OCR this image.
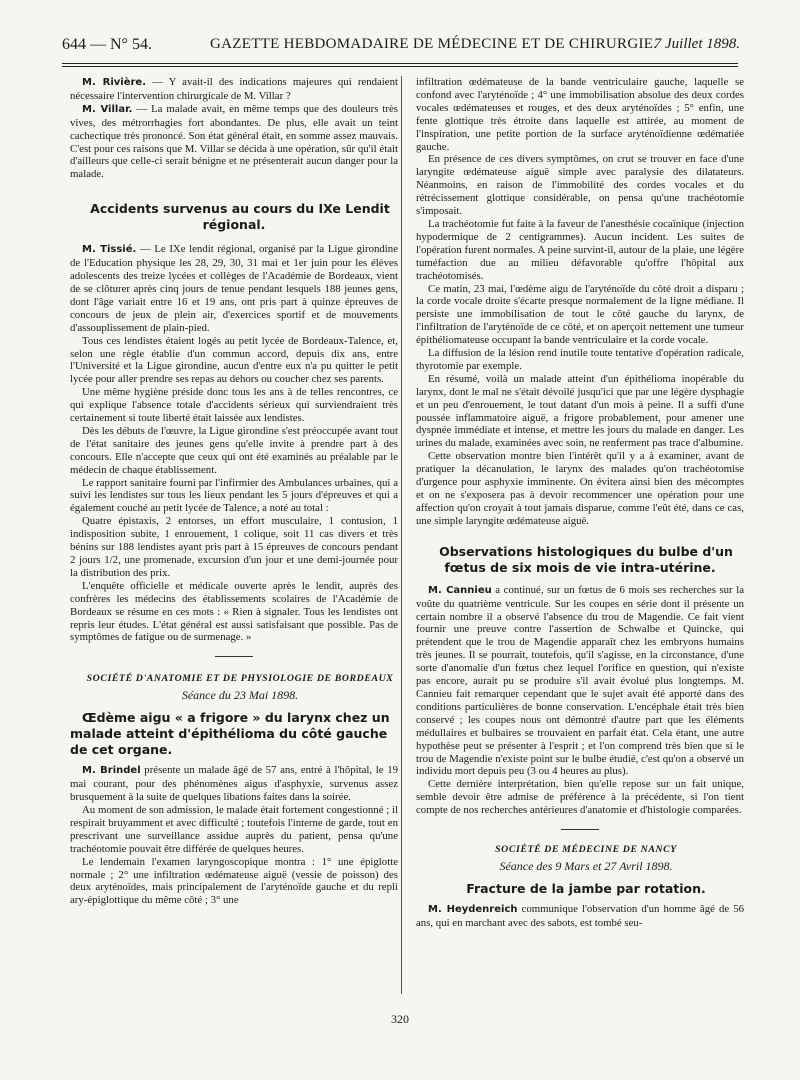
644 — N° 54.	GAZETTE HEBDOMADAIRE DE MÉDECINE ET DE CHIRURGIE.
7 Juillet 1898.

M. Rivière. — Y avait-il des indications majeures qui rendaient nécessaire l'intervention chirurgicale de M. Villar ?

M. Villar. — La malade avait, en même temps que des douleurs très vives, des métrorrhagies fort abondantes. De plus, elle avait un teint cachectique très prononcé. Son état général était, en somme assez mauvais. C'est pour ces raisons que M. Villar se décida à une opération, sûr qu'il était d'ailleurs que celle-ci serait bénigne et ne présenterait aucun danger pour la malade.

Accidents survenus au cours du IXe Lendit régional.

M. Tissié. — Le IXe lendit régional, organisé par la Ligue girondine de l'Education physique les 28, 29, 30, 31 mai et 1er juin pour les élèves adolescents des treize lycées et collèges de l'Académie de Bordeaux, vient de se clôturer après cinq jours de tenue pendant lesquels 188 jeunes gens, dont l'âge variait entre 16 et 19 ans, ont pris part à quinze épreuves de concours de jeux de plein air, d'exercices sportif et de mouvements d'assouplissement de plain-pied.

Tous ces lendistes étaient logés au petit lycée de Bordeaux-Talence, et, selon une règle établie d'un commun accord, depuis dix ans, entre l'Université et la Ligue girondine, aucun d'entre eux n'a pu quitter le petit lycée pour aller prendre ses repas au dehors ou coucher chez ses parents.

Une même hygiène préside donc tous les ans à de telles rencontres, ce qui explique l'absence totale d'accidents sérieux qui surviendraient très certainement si toute liberté était laissée aux lendistes.

Dès les débuts de l'œuvre, la Ligue girondine s'est préoccupée avant tout de l'état sanitaire des jeunes gens qu'elle invite à prendre part à des concours. Elle n'accepte que ceux qui ont été examinés au préalable par le médecin de chaque établissement.

Le rapport sanitaire fourni par l'infirmier des Ambulances urbaines, qui a suivi les lendistes sur tous les lieux pendant les 5 jours d'épreuves et qui a également couché au petit lycée de Talence, a noté au total :

Quatre épistaxis, 2 entorses, un effort musculaire, 1 contusion, 1 indisposition subite, 1 enrouement, 1 colique, soit 11 cas divers et très bénins sur 188 lendistes ayant pris part à 15 épreuves de concours pendant 2 jours 1/2, une promenade, excursion d'un jour et une demi-journée pour la distribution des prix.

L'enquête officielle et médicale ouverte après le lendit, auprès des confrères les médecins des établissements scolaires de l'Académie de Bordeaux se résume en ces mots : « Rien à signaler. Tous les lendistes ont repris leur études. L'état général est aussi satisfaisant que possible. Pas de symptômes de fatigue ou de surmenage. »

SOCIÉTÉ D'ANATOMIE ET DE PHYSIOLOGIE DE BORDEAUX

Séance du 23 Mai 1898.

Œdème aigu « a frigore » du larynx chez un malade atteint d'épithélioma du côté gauche de cet organe.

M. Brindel présente un malade âgé de 57 ans, entré à l'hôpital, le 19 mai courant, pour des phénomènes aigus d'asphyxie, survenus assez brusquement à la suite de quelques libations faites dans la soirée.

Au moment de son admission, le malade était fortement congestionné ; il respirait bruyamment et avec difficulté ; toutefois l'interne de garde, tout en prescrivant une surveillance assidue auprès du patient, pensa qu'une trachéotomie pouvait être différée de quelques heures.

Le lendemain l'examen laryngoscopique montra : 1° une épiglotte normale ; 2° une infiltration œdémateuse aiguë (vessie de poisson) des deux aryténoïdes, mais principalement de l'aryténoïde gauche et du repli ary-épiglottique du même côté ; 3° une

infiltration œdémateuse de la bande ventriculaire gauche, laquelle se confond avec l'aryténoïde ; 4° une immobilisation absolue des deux cordes vocales œdémateuses et rouges, et des deux aryténoïdes ; 5° enfin, une fente glottique très étroite dans laquelle est attirée, au moment de l'inspiration, une petite portion de la surface aryténoïdienne œdématiée gauche.

En présence de ces divers symptômes, on crut se trouver en face d'une laryngite œdémateuse aiguë simple avec paralysie des dilatateurs. Néanmoins, en raison de l'immobilité des cordes vocales et du rétrécissement glottique considérable, on pensa qu'une trachéotomie s'imposait.

La trachéotomie fut faite à la faveur de l'anesthésie cocaïnique (injection hypodermique de 2 centigrammes). Aucun incident. Les suites de l'opération furent normales. A peine survint-il, autour de la plaie, une légère tuméfaction due au milieu défavorable qu'offre l'hôpital aux trachéotomisés.

Ce matin, 23 mai, l'œdème aigu de l'aryténoïde du côté droit a disparu ; la corde vocale droite s'écarte presque normalement de la ligne médiane. Il persiste une immobilisation de tout le côté gauche du larynx, de l'infiltration de l'aryténoïde de ce côté, et on aperçoit nettement une tumeur épithéliomateuse occupant la bande ventriculaire et la corde vocale.

La diffusion de la lésion rend inutile toute tentative d'opération radicale, thyrotomie par exemple.

En résumé, voilà un malade atteint d'un épithélioma inopérable du larynx, dont le mal ne s'était dévoilé jusqu'ici que par une légère dysphagie et un peu d'enrouement, le tout datant d'un mois à peine. Il a suffi d'une poussée inflammatoire aiguë, a frigore probablement, pour amener une dyspnée immédiate et intense, et mettre les jours du malade en danger. Les urines du malade, examinées avec soin, ne renferment pas trace d'albumine.

Cette observation montre bien l'intérêt qu'il y a à examiner, avant de pratiquer la décanulation, le larynx des malades qu'on trachéotomise d'urgence pour asphyxie imminente. On évitera ainsi bien des mécomptes et on ne s'exposera pas à devoir recommencer une opération pour une affection qu'on croyait à tout jamais disparue, comme l'eût été, dans ce cas, une simple laryngite œdémateuse aiguë.

Observations histologiques du bulbe d'un fœtus de six mois de vie intra-utérine.

M. Cannieu a continué, sur un fœtus de 6 mois ses recherches sur la voûte du quatrième ventricule. Sur les coupes en série dont il présente un certain nombre il a observé l'absence du trou de Magendie. Ce fait vient fournir une preuve contre l'assertion de Schwalbe et Quincke, qui prétendent que le trou de Magendie apparaît chez les embryons humains très jeunes. Il se pourrait, toutefois, qu'il s'agisse, en la circonstance, d'une sorte d'anomalie d'un fœtus chez lequel l'orifice en question, qui n'existe pas encore, aurait pu se produire s'il avait évolué plus longtemps. M. Cannieu fait remarquer cependant que le sujet avait été apporté dans des conditions particulières de bonne conservation. L'encéphale était très bien conservé ; les coupes nous ont démontré d'autre part que les éléments médullaires et bulbaires se trouvaient en parfait état. Cela étant, une autre hypothèse peut se présenter à l'esprit ; et l'on comprend très bien que si le trou de Magendie n'existe point sur le bulbe étudié, c'est qu'on a observé un individu mort depuis peu (3 ou 4 heures au plus).

Cette dernière interprétation, bien qu'elle repose sur un fait unique, semble devoir être admise de préférence à la précédente, si l'on tient compte de nos recherches antérieures d'anatomie et d'histologie comparées.

SOCIÉTÉ DE MÉDECINE DE NANCY

Séance des 9 Mars et 27 Avril 1898.

Fracture de la jambe par rotation.

M. Heydenreich communique l'observation d'un homme âgé de 56 ans, qui en marchant avec des sabots, est tombé seu-

320
